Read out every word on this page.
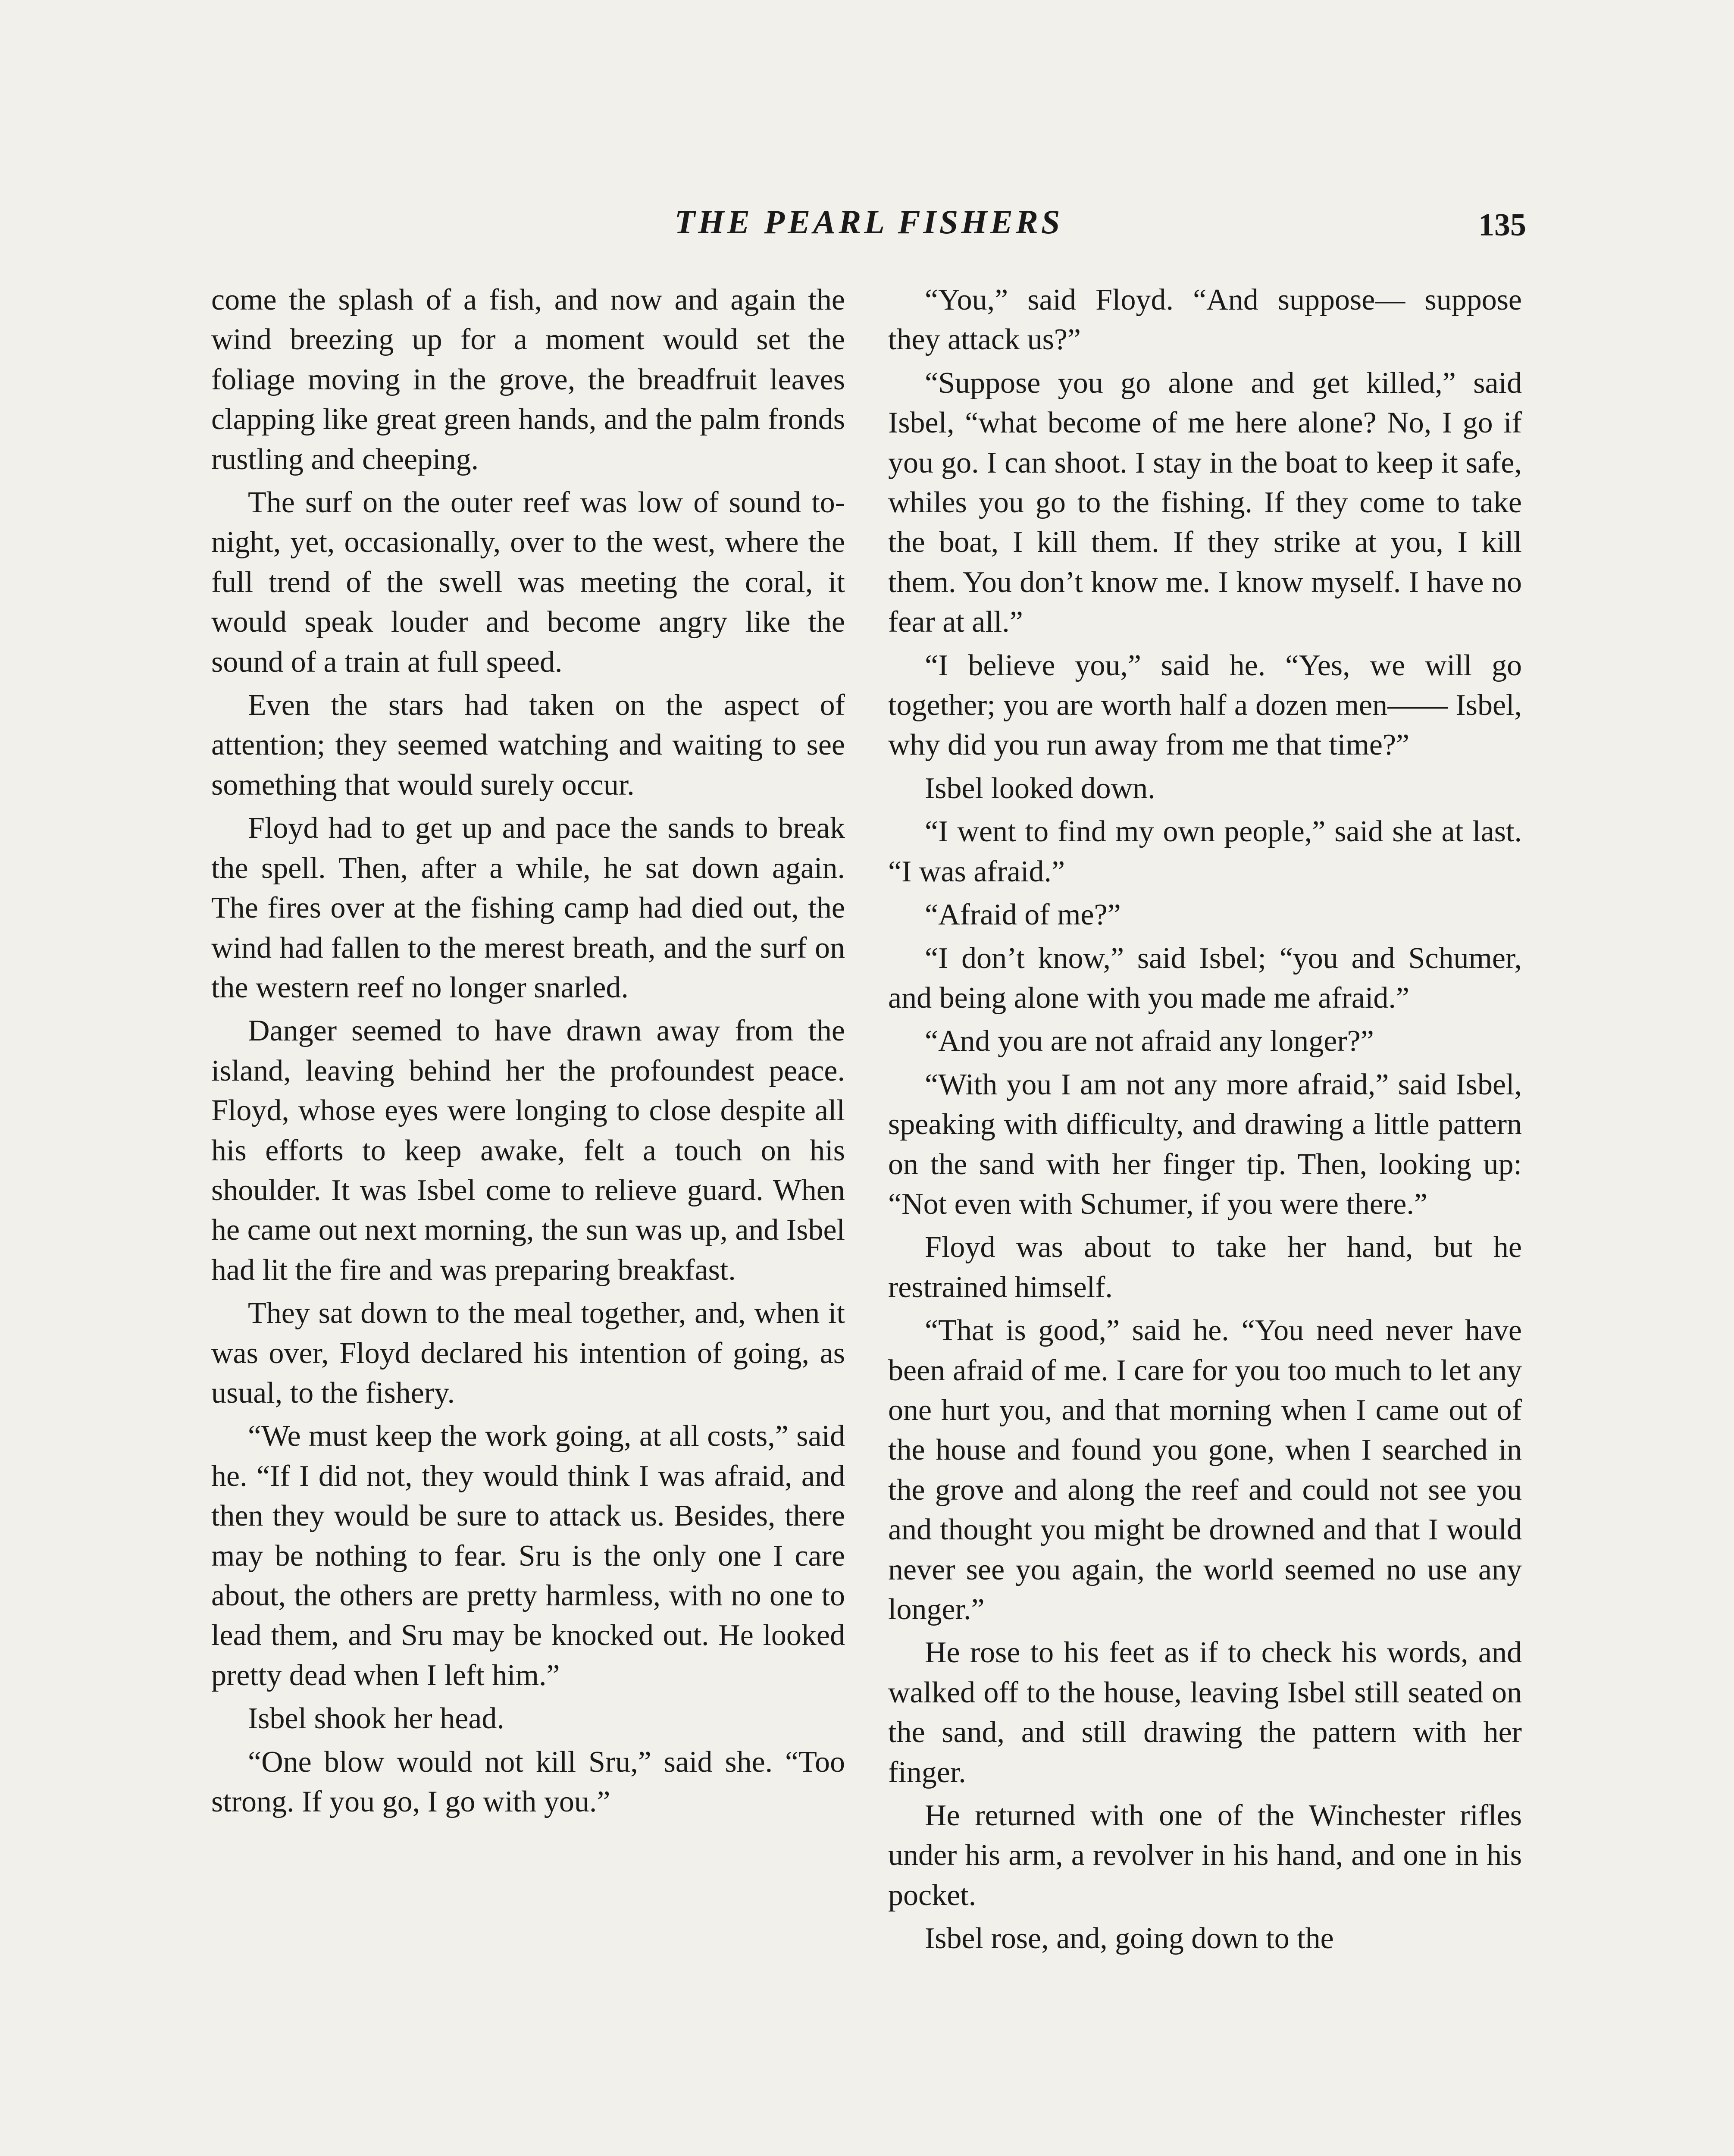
THE PEARL FISHERS	135

come the splash of a fish, and now and again the wind breezing up for a moment would set the foliage moving in the grove, the breadfruit leaves clapping like great green hands, and the palm fronds rustling and cheeping.

The surf on the outer reef was low of sound to-night, yet, occasionally, over to the west, where the full trend of the swell was meeting the coral, it would speak louder and become angry like the sound of a train at full speed.

Even the stars had taken on the aspect of attention; they seemed watching and waiting to see something that would surely occur.

Floyd had to get up and pace the sands to break the spell. Then, after a while, he sat down again. The fires over at the fishing camp had died out, the wind had fallen to the merest breath, and the surf on the western reef no longer snarled.

Danger seemed to have drawn away from the island, leaving behind her the profoundest peace. Floyd, whose eyes were longing to close despite all his efforts to keep awake, felt a touch on his shoulder. It was Isbel come to relieve guard. When he came out next morning, the sun was up, and Isbel had lit the fire and was preparing breakfast.

They sat down to the meal together, and, when it was over, Floyd declared his intention of going, as usual, to the fishery.

“We must keep the work going, at all costs,” said he. “If I did not, they would think I was afraid, and then they would be sure to attack us. Besides, there may be nothing to fear. Sru is the only one I care about, the others are pretty harmless, with no one to lead them, and Sru may be knocked out. He looked pretty dead when I left him.”

Isbel shook her head.

“One blow would not kill Sru,” said she. “Too strong. If you go, I go with you.”

“You,” said Floyd. “And suppose— suppose they attack us?”

“Suppose you go alone and get killed,” said Isbel, “what become of me here alone? No, I go if you go. I can shoot. I stay in the boat to keep it safe, whiles you go to the fishing. If they come to take the boat, I kill them. If they strike at you, I kill them. You don’t know me. I know myself. I have no fear at all.”

“I believe you,” said he. “Yes, we will go together; you are worth half a dozen men—— Isbel, why did you run away from me that time?”

Isbel looked down.

“I went to find my own people,” said she at last. “I was afraid.”

“Afraid of me?”

“I don’t know,” said Isbel; “you and Schumer, and being alone with you made me afraid.”

“And you are not afraid any longer?”

“With you I am not any more afraid,” said Isbel, speaking with difficulty, and drawing a little pattern on the sand with her finger tip. Then, looking up: “Not even with Schumer, if you were there.”

Floyd was about to take her hand, but he restrained himself.

“That is good,” said he. “You need never have been afraid of me. I care for you too much to let any one hurt you, and that morning when I came out of the house and found you gone, when I searched in the grove and along the reef and could not see you and thought you might be drowned and that I would never see you again, the world seemed no use any longer.”

He rose to his feet as if to check his words, and walked off to the house, leaving Isbel still seated on the sand, and still drawing the pattern with her finger.

He returned with one of the Winchester rifles under his arm, a revolver in his hand, and one in his pocket.

Isbel rose, and, going down to the
